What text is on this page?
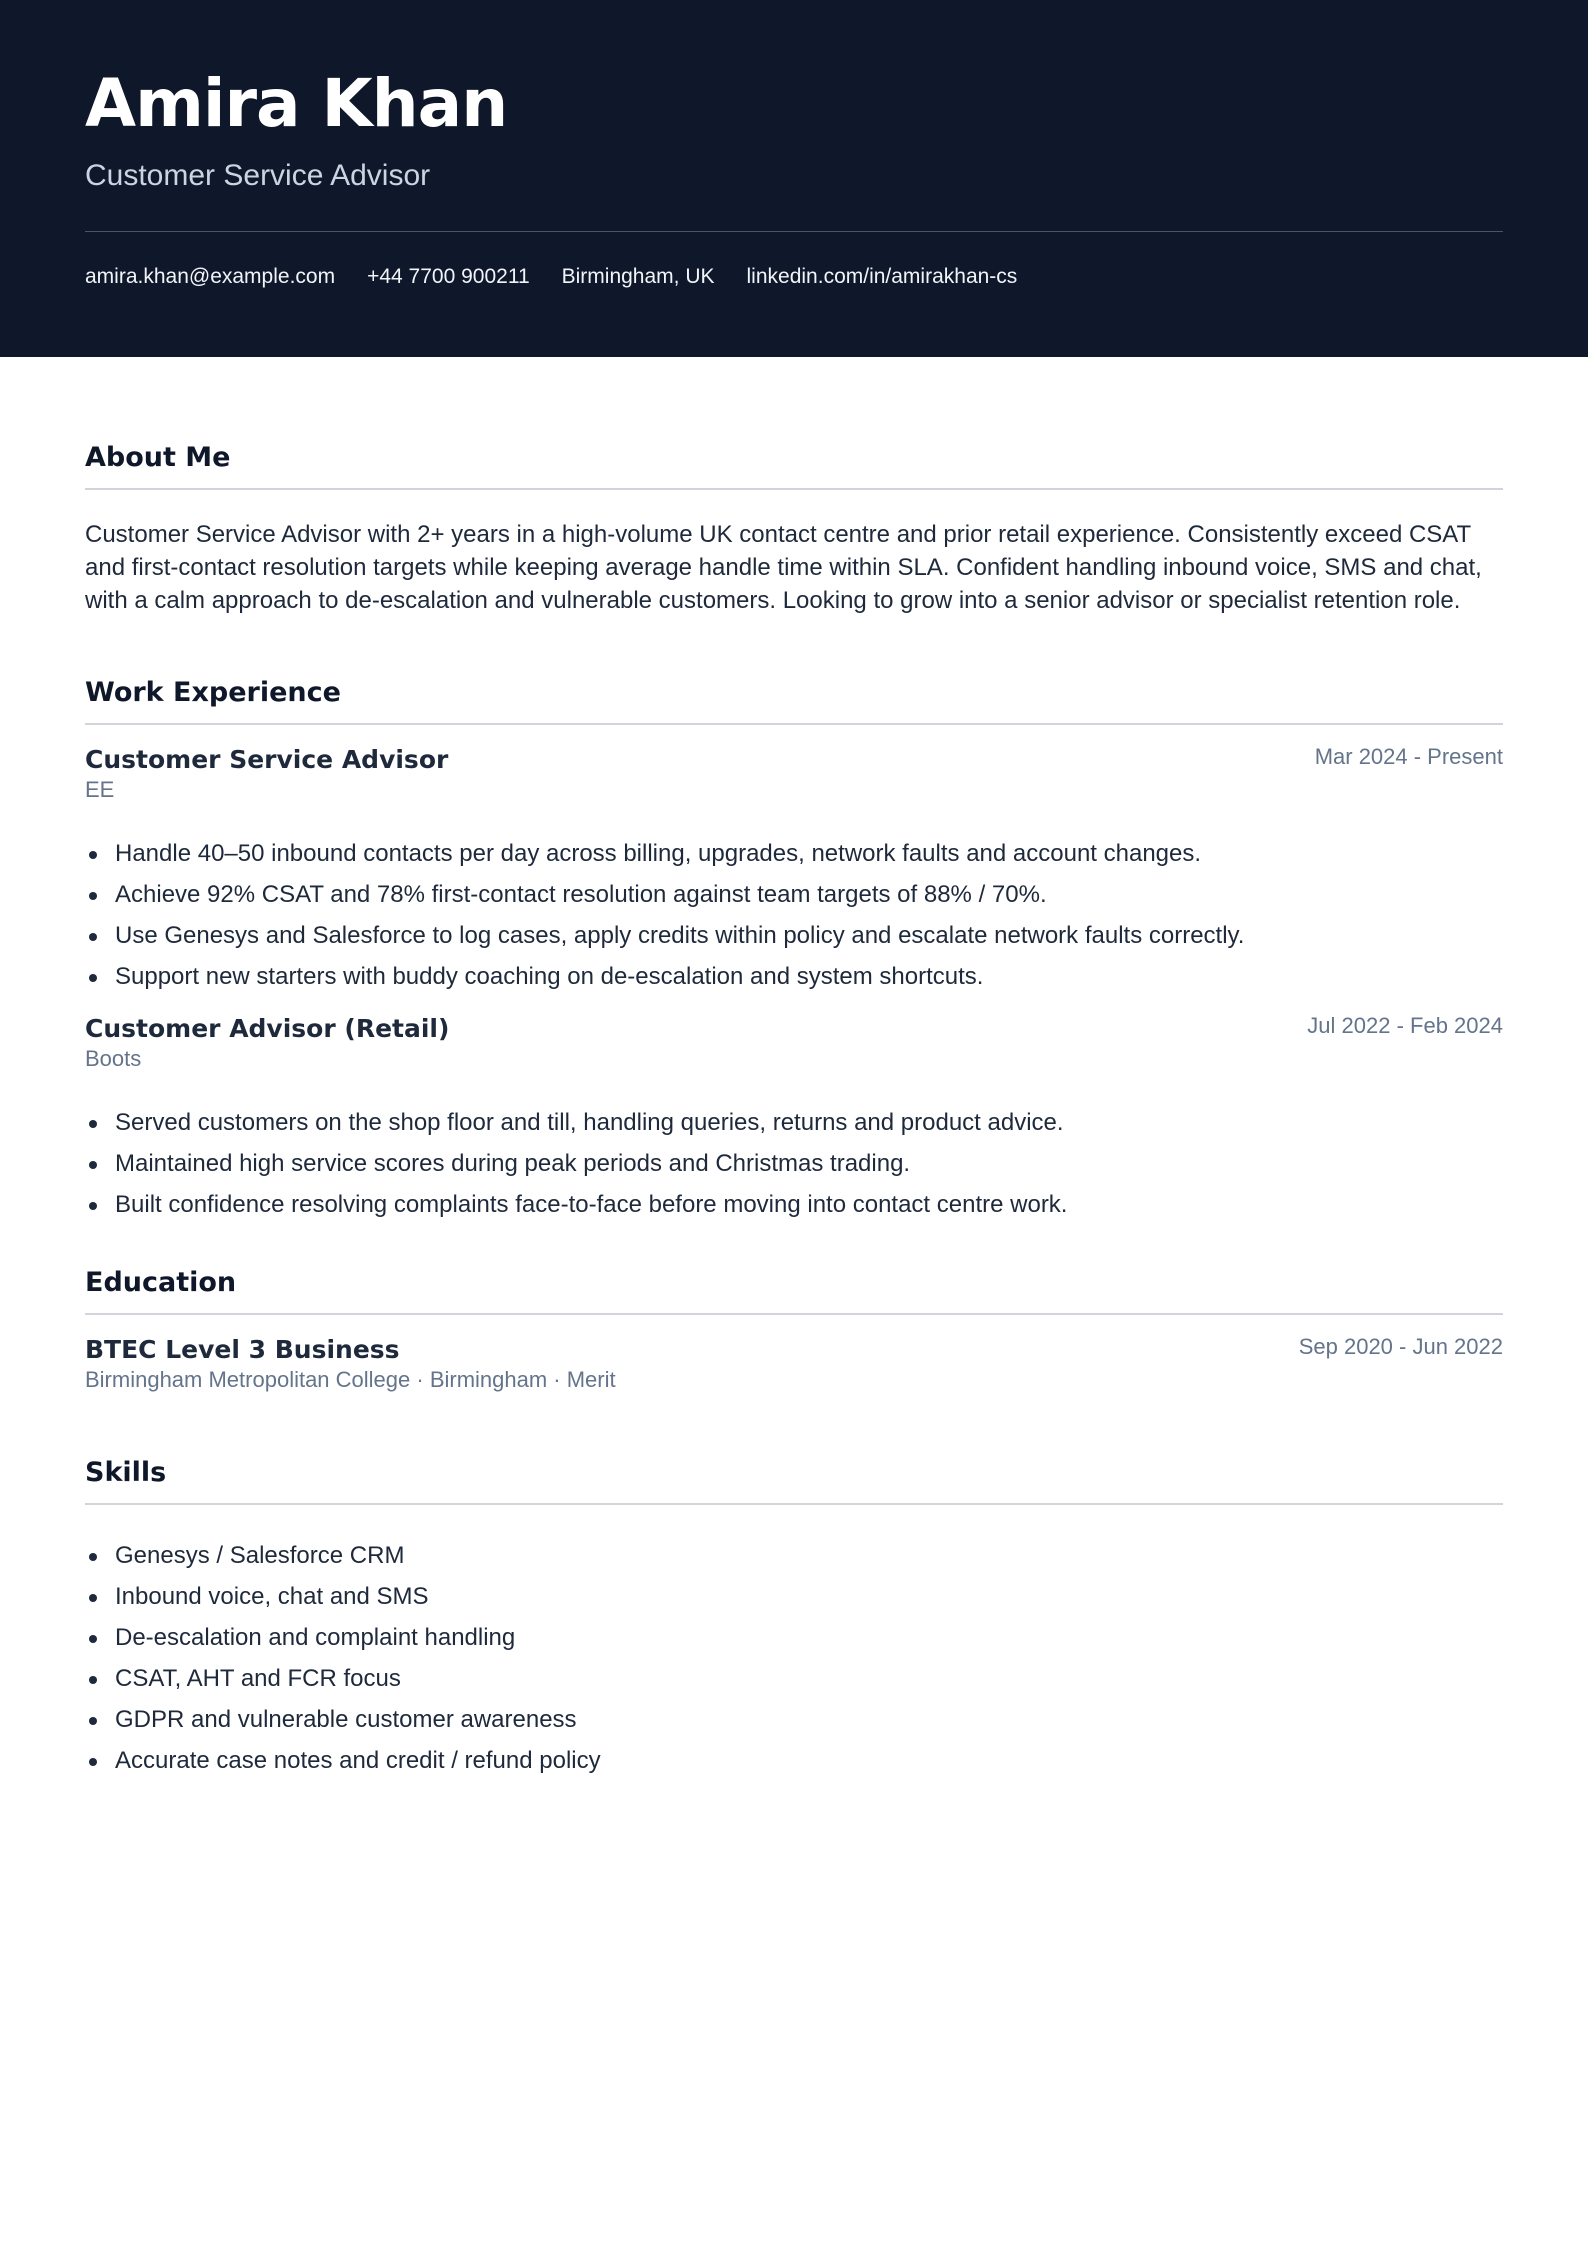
Amira Khan
Customer Service Advisor
amira.khan@example.com +44 7700 900211 Birmingham, UK linkedin.com/in/amirakhan-cs
About Me
Customer Service Advisor with 2+ years in a high-volume UK contact centre and prior retail experience. Consistently exceed CSAT and first-contact resolution targets while keeping average handle time within SLA. Confident handling inbound voice, SMS and chat, with a calm approach to de-escalation and vulnerable customers. Looking to grow into a senior advisor or specialist retention role.
Work Experience
Customer Service Advisor	Mar 2024 - Present
EE
Handle 40–50 inbound contacts per day across billing, upgrades, network faults and account changes.
Achieve 92% CSAT and 78% first-contact resolution against team targets of 88% / 70%.
Use Genesys and Salesforce to log cases, apply credits within policy and escalate network faults correctly.
Support new starters with buddy coaching on de-escalation and system shortcuts.
Customer Advisor (Retail)	Jul 2022 - Feb 2024
Boots
Served customers on the shop floor and till, handling queries, returns and product advice.
Maintained high service scores during peak periods and Christmas trading.
Built confidence resolving complaints face-to-face before moving into contact centre work.
Education
BTEC Level 3 Business	Sep 2020 - Jun 2022
Birmingham Metropolitan College · Birmingham · Merit
Skills
Genesys / Salesforce CRM
Inbound voice, chat and SMS
De-escalation and complaint handling
CSAT, AHT and FCR focus
GDPR and vulnerable customer awareness
Accurate case notes and credit / refund policy
